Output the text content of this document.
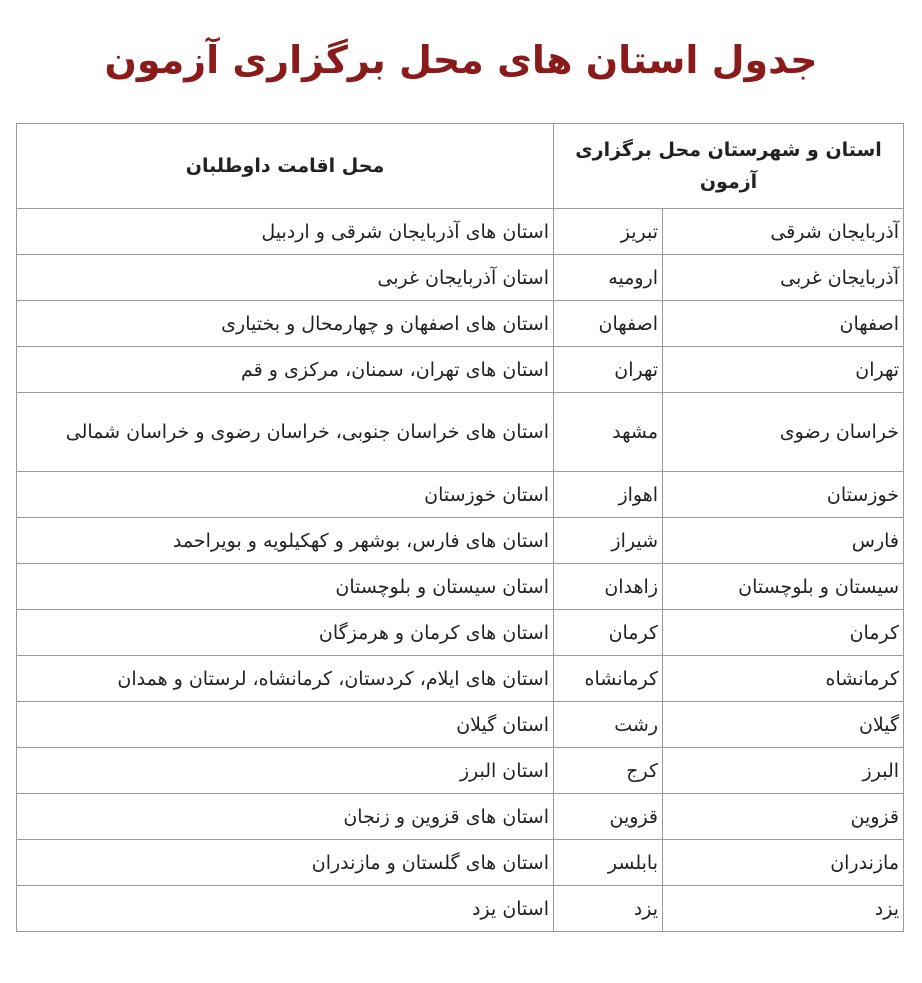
جدول استان های محل برگزاری آزمون
استان و شهرستان محل برگزاری آزمون		محل اقامت داوطلبان
آذربایجان شرقی	تبریز	استان های آذربایجان شرقی و اردبیل
آذربایجان غربی	ارومیه	استان آذربایجان غربی
اصفهان	اصفهان	استان های اصفهان و چهارمحال و بختیاری
تهران	تهران	استان های تهران، سمنان، مرکزی و قم
خراسان رضوی	مشهد	استان های خراسان جنوبی، خراسان رضوی و خراسان شمالی
خوزستان	اهواز	استان خوزستان
فارس	شیراز	استان های فارس، بوشهر و کهکیلویه و بویراحمد
سیستان و بلوچستان	زاهدان	استان سیستان و بلوچستان
کرمان	کرمان	استان های کرمان و هرمزگان
کرمانشاه	کرمانشاه	استان های ایلام، کردستان، کرمانشاه، لرستان و همدان
گیلان	رشت	استان گیلان
البرز	کرج	استان البرز
قزوین	قزوین	استان های قزوین و زنجان
مازندران	بابلسر	استان های گلستان و مازندران
یزد	یزد	استان یزد
